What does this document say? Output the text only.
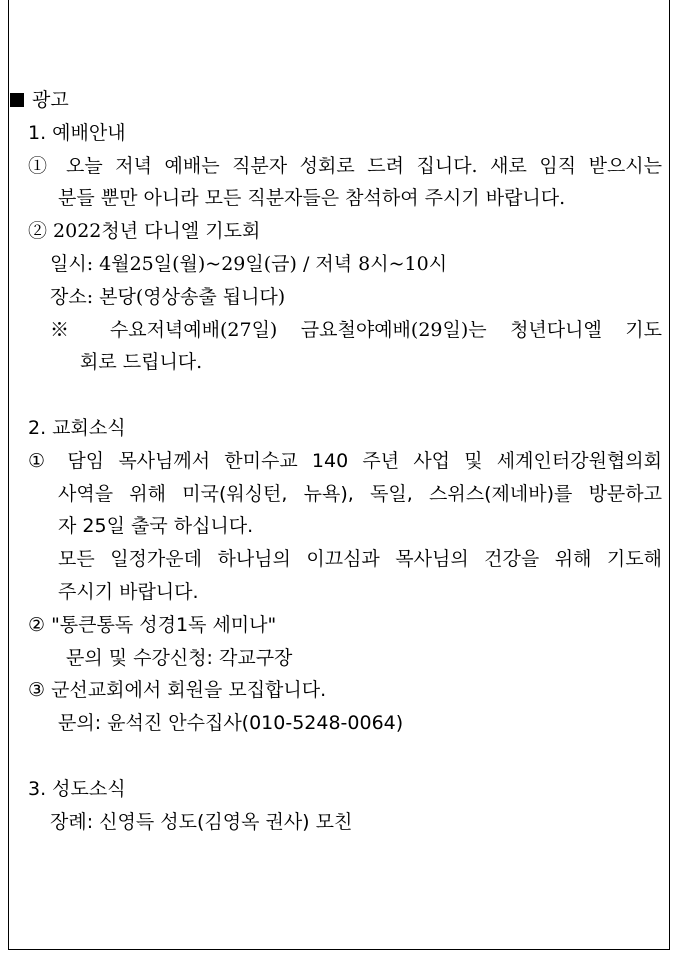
광고
1. 예배안내
① 오늘 저녁 예배는 직분자 성회로 드려 집니다. 새로 임직 받으시는
분들 뿐만 아니라 모든 직분자들은 참석하여 주시기 바랍니다.
② 2022청년 다니엘 기도회
일시: 4월25일(월)~29일(금) / 저녁 8시~10시
장소: 본당(영상송출 됩니다)
※ 수요저녁예배(27일) 금요철야예배(29일)는 청년다니엘 기도
회로 드립니다.
2. 교회소식
① 담임 목사님께서 한미수교 140 주년 사업 및 세계인터강원협의회
사역을 위해 미국(워싱턴, 뉴욕), 독일, 스위스(제네바)를 방문하고
자 25일 출국 하십니다.
모든 일정가운데 하나님의 이끄심과 목사님의 건강을 위해 기도해
주시기 바랍니다.
② "통큰통독 성경1독 세미나"
문의 및 수강신청: 각교구장
③ 군선교회에서 회원을 모집합니다.
문의: 윤석진 안수집사(010-5248-0064)
3. 성도소식
장례: 신영득 성도(김영옥 권사) 모친
